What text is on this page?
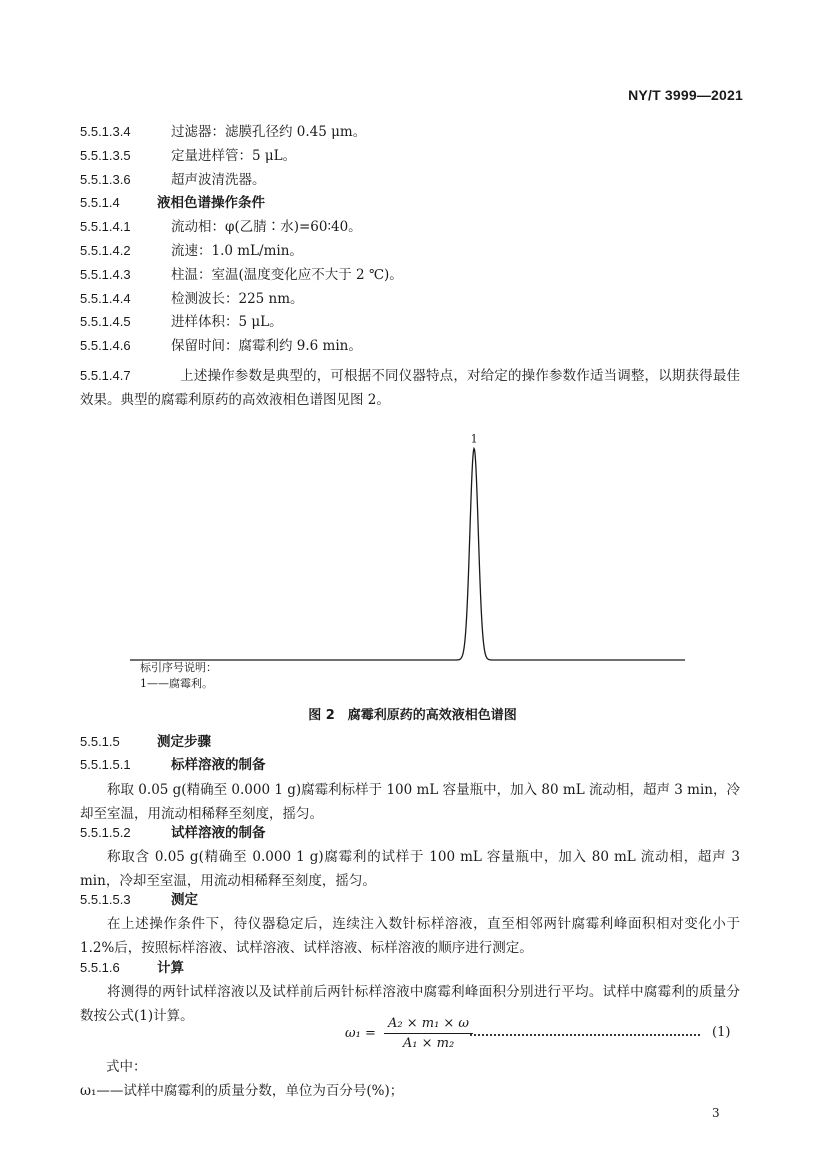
NY/T 3999—2021
5.5.1.3.4	过滤器：滤膜孔径约 0.45 μm。
5.5.1.3.5	定量进样管：5 μL。
5.5.1.3.6	超声波清洗器。
5.5.1.4	液相色谱操作条件
5.5.1.4.1	流动相：φ(乙腈∶水)=60∶40。
5.5.1.4.2	流速：1.0 mL/min。
5.5.1.4.3	柱温：室温(温度变化应不大于 2 ℃)。
5.5.1.4.4	检测波长：225 nm。
5.5.1.4.5	进样体积：5 μL。
5.5.1.4.6	保留时间：腐霉利约 9.6 min。
5.5.1.4.7	上述操作参数是典型的，可根据不同仪器特点，对给定的操作参数作适当调整，以期获得最佳效果。典型的腐霉利原药的高效液相色谱图见图 2。
1
标引序号说明：
1——腐霉利。
图 2　腐霉利原药的高效液相色谱图
5.5.1.5	测定步骤
5.5.1.5.1	标样溶液的制备
称取 0.05 g(精确至 0.000 1 g)腐霉利标样于 100 mL 容量瓶中，加入 80 mL 流动相，超声 3 min，冷却至室温，用流动相稀释至刻度，摇匀。
5.5.1.5.2	试样溶液的制备
称取含 0.05 g(精确至 0.000 1 g)腐霉利的试样于 100 mL 容量瓶中，加入 80 mL 流动相，超声 3 min，冷却至室温，用流动相稀释至刻度，摇匀。
5.5.1.5.3	测定
在上述操作条件下，待仪器稳定后，连续注入数针标样溶液，直至相邻两针腐霉利峰面积相对变化小于 1.2%后，按照标样溶液、试样溶液、试样溶液、标样溶液的顺序进行测定。
5.5.1.6	计算
将测得的两针试样溶液以及试样前后两针标样溶液中腐霉利峰面积分别进行平均。试样中腐霉利的质量分数按公式(1)计算。
$\omega_1 = \frac{\text{A₂ × m₁ × ω}}{\text{A₁ × m₂}}$	(1)
式中：
ω₁——试样中腐霉利的质量分数，单位为百分号(%)；
3
